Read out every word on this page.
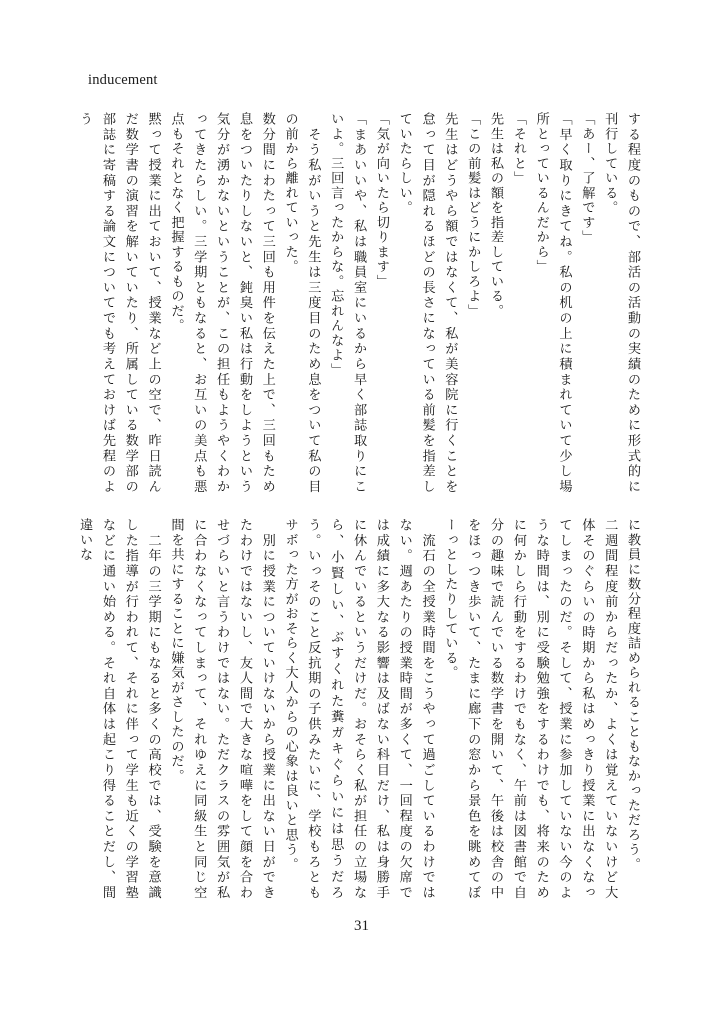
inducement

する程度のもので、部活の活動の実績のために形式的に刊行している。

「あー、了解です」

「早く取りにきてね。私の机の上に積まれていて少し場所とっているんだから」

「それと」

先生は私の額を指差している。

「この前髪はどうにかしろよ」

先生はどうやら額ではなくて、私が美容院に行くことを怠って目が隠れるほどの長さになっている前髪を指差していたらしい。

「気が向いたら切ります」

「まあいいや、私は職員室にいるから早く部誌取りにこいよ。三回言ったからな。忘れんなよ」

　そう私がいうと先生は三度目のため息をついて私の目の前から離れていった。

数分間にわたって三回も用件を伝えた上で、三回もため息をついたりしないと、鈍臭い私は行動をしようという気分が湧かないということが、この担任もようやくわかってきたらしい。三学期ともなると、お互いの美点も悪点もそれとなく把握するものだ。

黙って授業に出ておいて、授業など上の空で、昨日読んだ数学書の演習を解いていたり、所属している数学部の部誌に寄稿する論文についてでも考えておけば先程のよう

に教員に数分程度詰められることもなかっただろう。

二週間程度前からだったか、よくは覚えていないけど大体そのぐらいの時期から私はめっきり授業に出なくなってしまったのだ。そして、授業に参加していない今のような時間は、別に受験勉強をするわけでも、将来のために何かしら行動をするわけでもなく、午前は図書館で自分の趣味で読んでいる数学書を開いて、午後は校舎の中をほっつき歩いて、たまに廊下の窓から景色を眺めてぼーっとしたりしている。

　流石の全授業時間をこうやって過ごしているわけではない。週あたりの授業時間が多くて、一回程度の欠席では成績に多大なる影響は及ばない科目だけ、私は身勝手に休んでいるというだけだ。おそらく私が担任の立場なら、小賢しい、ぶすくれた糞ガキぐらいには思うだろう。いっそのこと反抗期の子供みたいに、学校もろともサボった方がおそらく大人からの心象は良いと思う。

　別に授業についていけないから授業に出ない日ができたわけではないし、友人間で大きな喧嘩をして顔を合わせづらいと言うわけではない。ただクラスの雰囲気が私に合わなくなってしまって、それゆえに同級生と同じ空間を共にすることに嫌気がさしたのだ。

　二年の三学期にもなると多くの高校では、受験を意識した指導が行われて、それに伴って学生も近くの学習塾などに通い始める。それ自体は起こり得ることだし、間違いな

31
